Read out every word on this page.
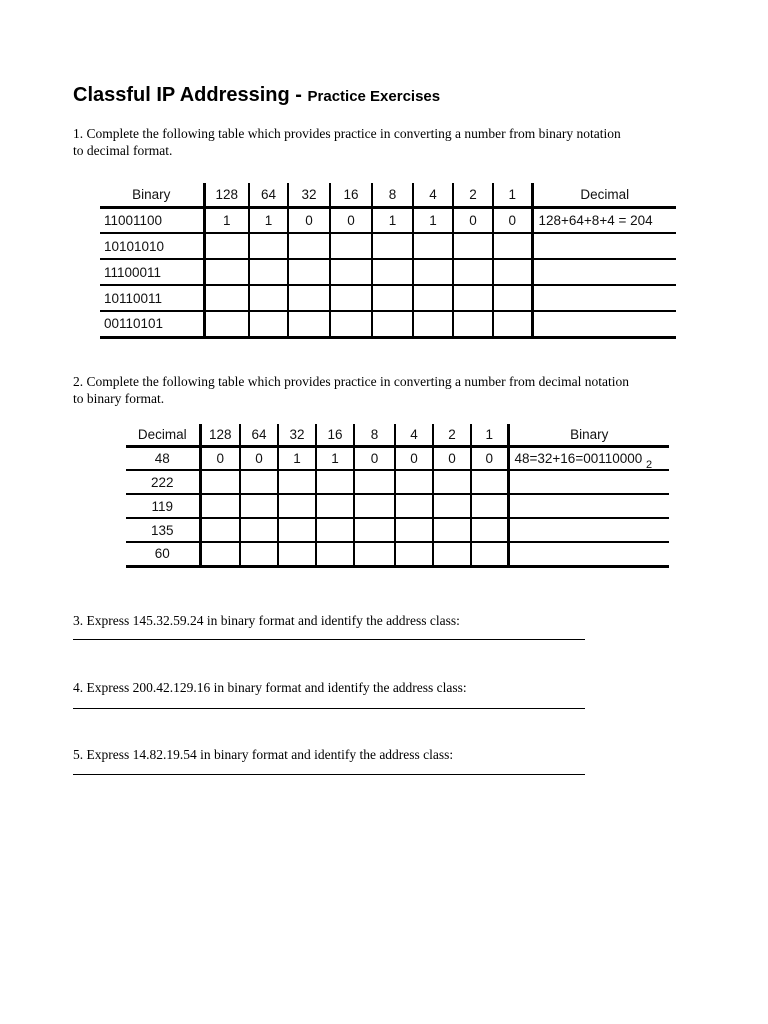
Classful IP Addressing - Practice Exercises

1. Complete the following table which provides practice in converting a number from binary notation to decimal format.

Binary	128	64	32	16	8	4	2	1	Decimal
11001100	1	1	0	0	1	1	0	0	128+64+8+4 = 204
10101010									
11100011									
10110011									
00110101									

2. Complete the following table which provides practice in converting a number from decimal notation to binary format.

Decimal	128	64	32	16	8	4	2	1	Binary
48	0	0	1	1	0	0	0	0	48=32+16=00110000 $_2$
222									
119									
135									
60									

3. Express 145.32.59.24 in binary format and identify the address class:

4. Express 200.42.129.16 in binary format and identify the address class:

5. Express 14.82.19.54 in binary format and identify the address class:
